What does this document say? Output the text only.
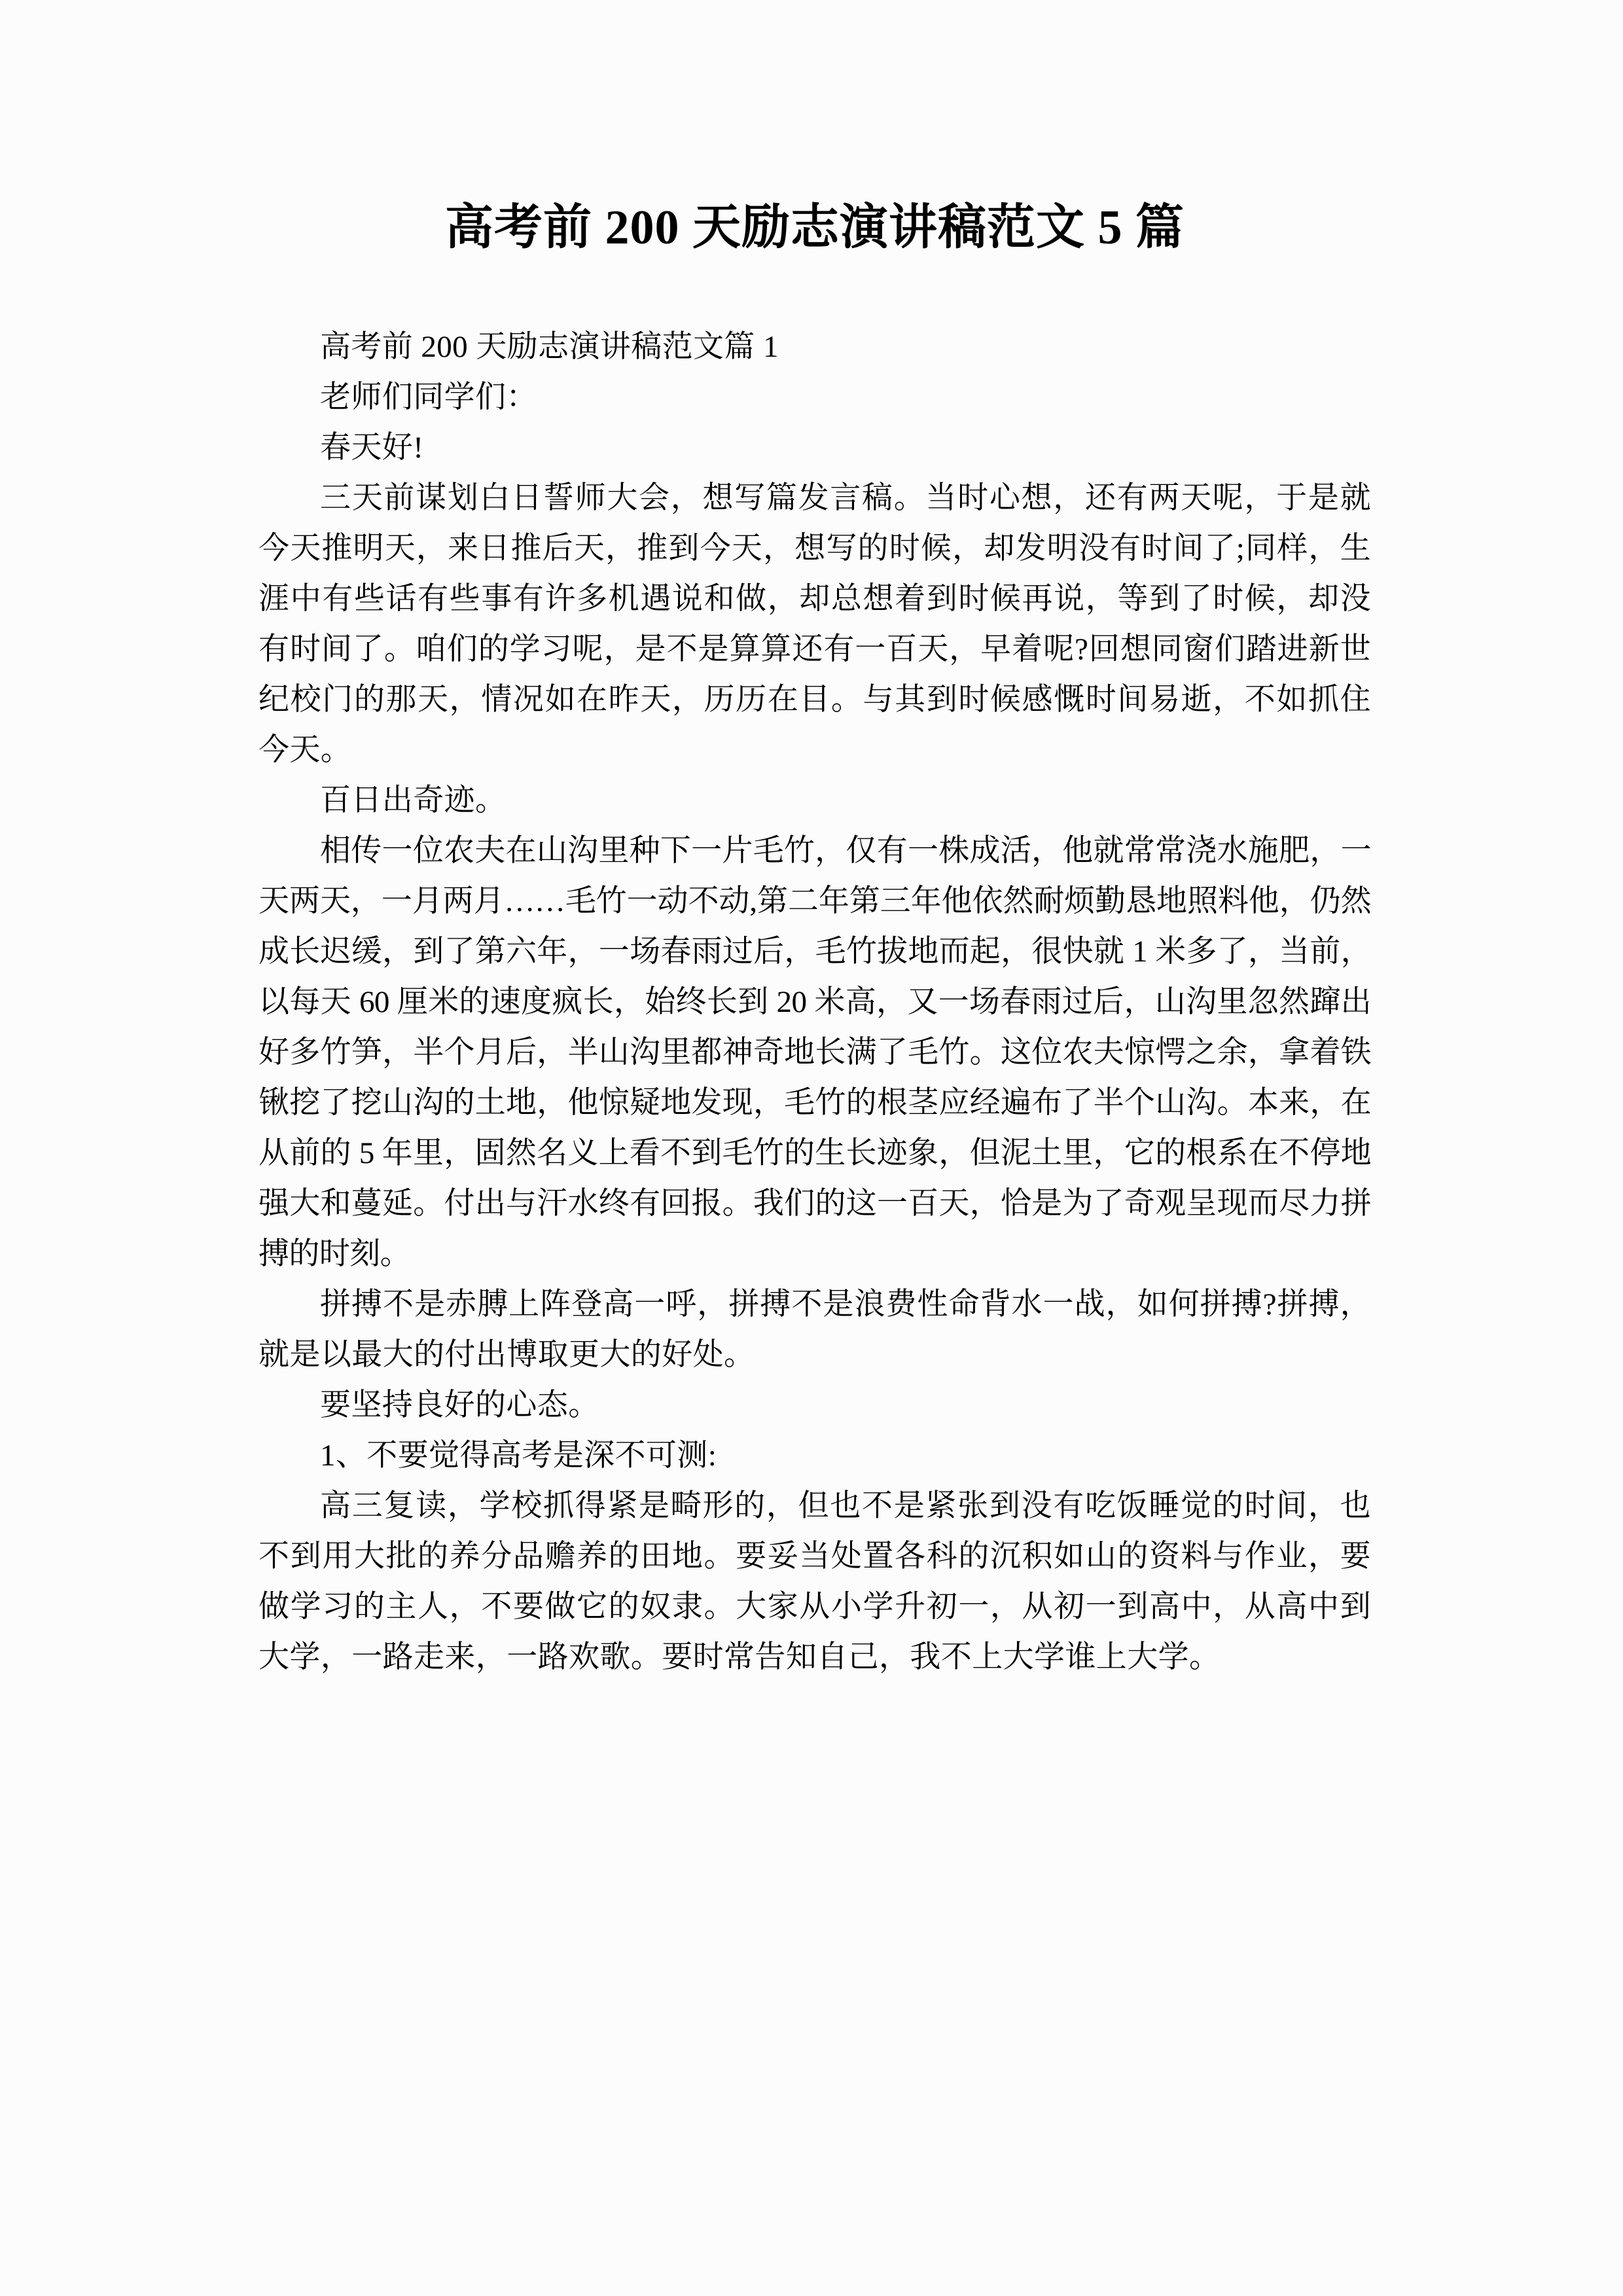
高考前 200 天励志演讲稿范文 5 篇

高考前 200 天励志演讲稿范文篇 1

老师们同学们：

春天好!

三天前谋划白日誓师大会，想写篇发言稿。当时心想，还有两天呢，于是就今天推明天，来日推后天，推到今天，想写的时候，却发明没有时间了;同样，生涯中有些话有些事有许多机遇说和做，却总想着到时候再说，等到了时候，却没有时间了。咱们的学习呢，是不是算算还有一百天，早着呢?回想同窗们踏进新世纪校门的那天，情况如在昨天，历历在目。与其到时候感慨时间易逝，不如抓住今天。

百日出奇迹。

相传一位农夫在山沟里种下一片毛竹，仅有一株成活，他就常常浇水施肥，一天两天，一月两月……毛竹一动不动,第二年第三年他依然耐烦勤恳地照料他，仍然成长迟缓，到了第六年，一场春雨过后，毛竹拔地而起，很快就 1 米多了，当前，以每天 60 厘米的速度疯长，始终长到 20 米高，又一场春雨过后，山沟里忽然蹿出好多竹笋，半个月后，半山沟里都神奇地长满了毛竹。这位农夫惊愕之余，拿着铁锹挖了挖山沟的土地，他惊疑地发现，毛竹的根茎应经遍布了半个山沟。本来，在从前的 5 年里，固然名义上看不到毛竹的生长迹象，但泥土里，它的根系在不停地强大和蔓延。付出与汗水终有回报。我们的这一百天，恰是为了奇观呈现而尽力拼搏的时刻。

拼搏不是赤膊上阵登高一呼，拼搏不是浪费性命背水一战，如何拼搏?拼搏，就是以最大的付出博取更大的好处。

要坚持良好的心态。

1、不要觉得高考是深不可测:

高三复读，学校抓得紧是畸形的，但也不是紧张到没有吃饭睡觉的时间，也不到用大批的养分品赡养的田地。要妥当处置各科的沉积如山的资料与作业，要做学习的主人，不要做它的奴隶。大家从小学升初一，从初一到高中，从高中到大学，一路走来，一路欢歌。要时常告知自己，我不上大学谁上大学。
